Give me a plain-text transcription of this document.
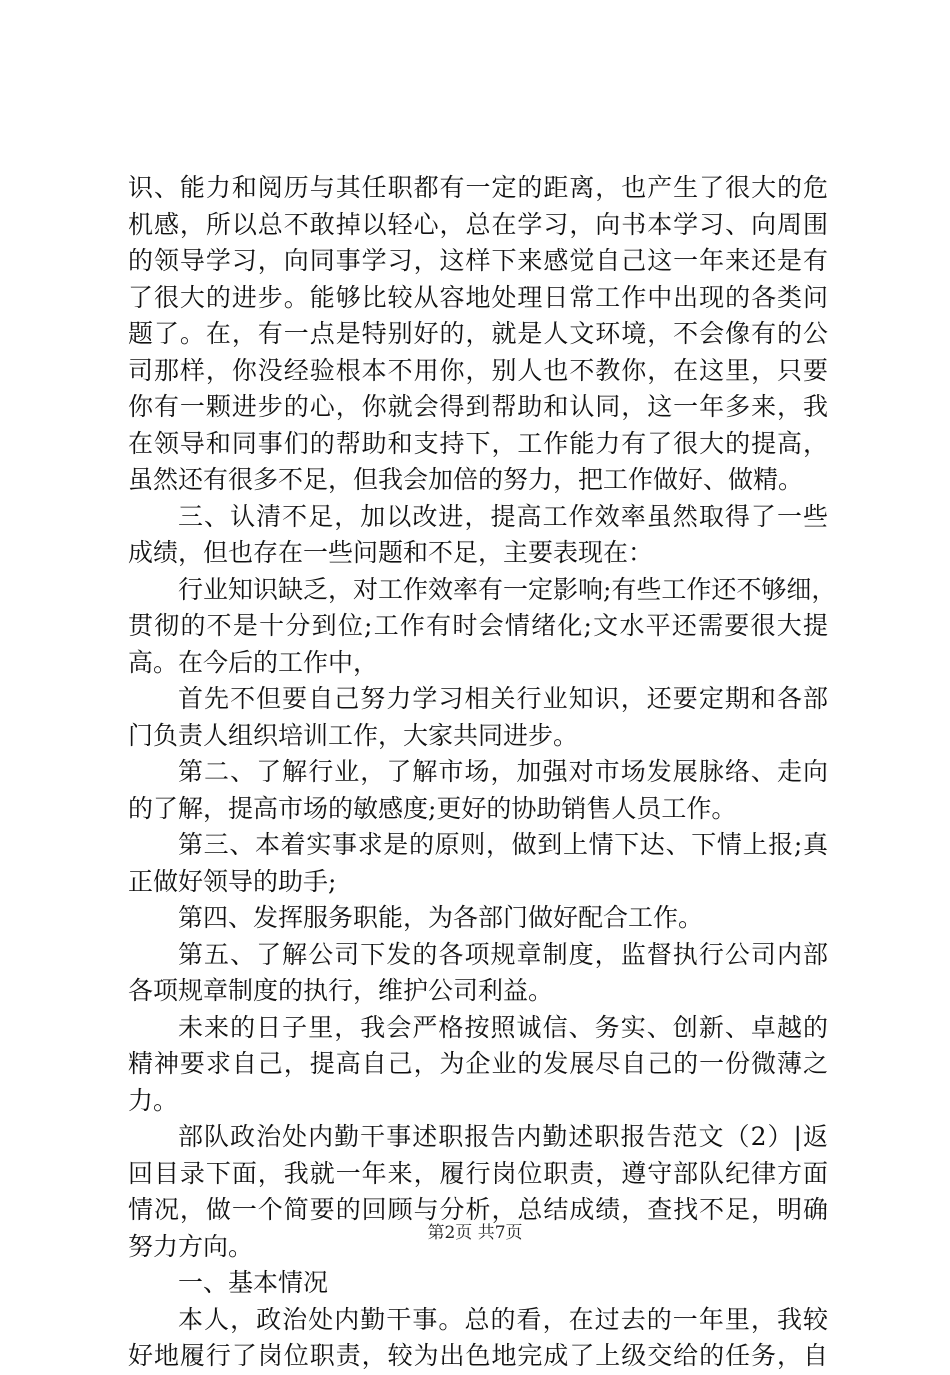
识、能力和阅历与其任职都有一定的距离，也产生了很大的危
机感，所以总不敢掉以轻心，总在学习，向书本学习、向周围
的领导学习，向同事学习，这样下来感觉自己这一年来还是有
了很大的进步。能够比较从容地处理日常工作中出现的各类问
题了。在，有一点是特别好的，就是人文环境，不会像有的公
司那样，你没经验根本不用你，别人也不教你，在这里，只要
你有一颗进步的心，你就会得到帮助和认同，这一年多来，我
在领导和同事们的帮助和支持下，工作能力有了很大的提高，
虽然还有很多不足，但我会加倍的努力，把工作做好、做精。
三、认清不足，加以改进，提高工作效率虽然取得了一些
成绩，但也存在一些问题和不足，主要表现在：
行业知识缺乏，对工作效率有一定影响;有些工作还不够细，
贯彻的不是十分到位;工作有时会情绪化;文水平还需要很大提
高。在今后的工作中，
首先不但要自己努力学习相关行业知识，还要定期和各部
门负责人组织培训工作，大家共同进步。
第二、了解行业，了解市场，加强对市场发展脉络、走向
的了解，提高市场的敏感度;更好的协助销售人员工作。
第三、本着实事求是的原则，做到上情下达、下情上报;真
正做好领导的助手;
第四、发挥服务职能，为各部门做好配合工作。
第五、了解公司下发的各项规章制度，监督执行公司内部
各项规章制度的执行，维护公司利益。
未来的日子里，我会严格按照诚信、务实、创新、卓越的
精神要求自己，提高自己，为企业的发展尽自己的一份微薄之
力。
部队政治处内勤干事述职报告内勤述职报告范文（2）|返
回目录下面，我就一年来，履行岗位职责，遵守部队纪律方面
情况，做一个简要的回顾与分析，总结成绩，查找不足，明确
努力方向。
一、基本情况
本人，政治处内勤干事。总的看，在过去的一年里，我较
好地履行了岗位职责，较为出色地完成了上级交给的任务，自
第2页 共7页
